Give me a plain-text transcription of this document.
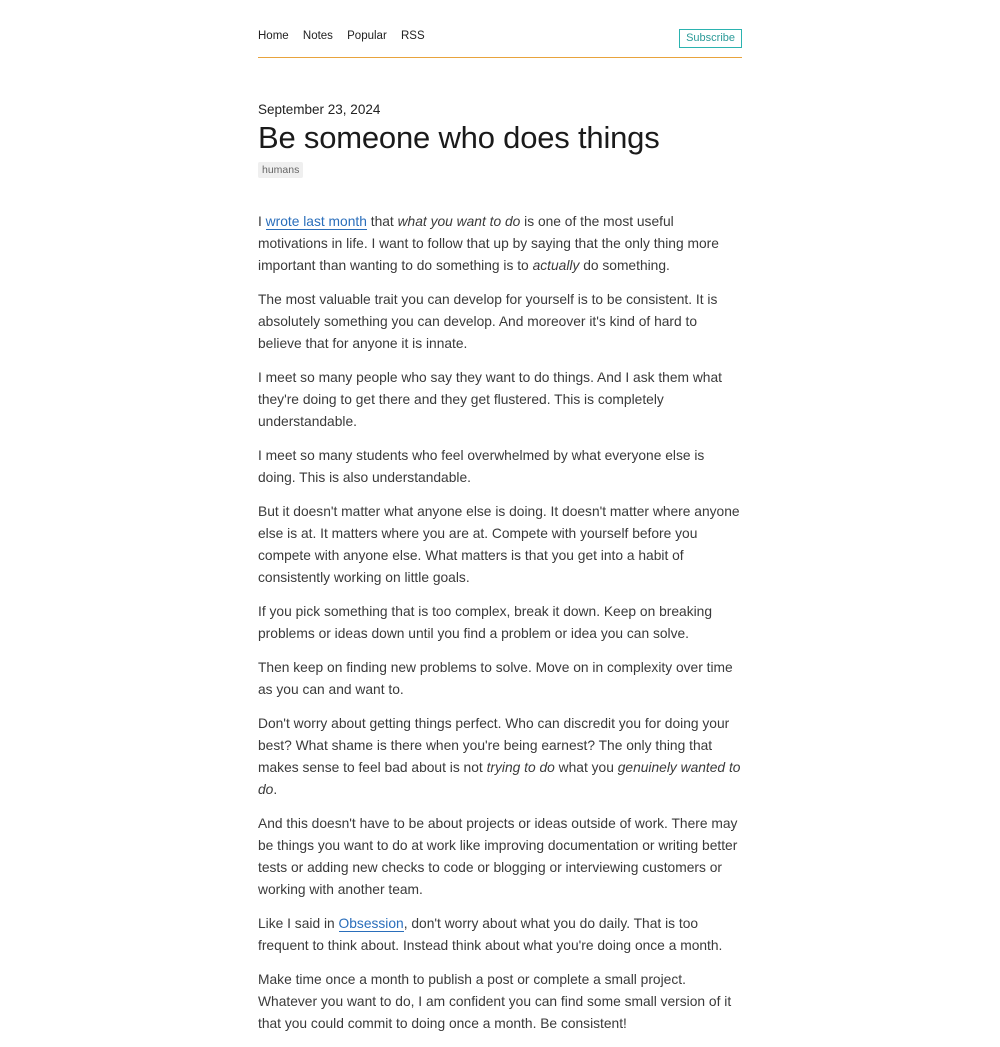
Home Notes Popular RSS	Subscribe
September 23, 2024
Be someone who does things
humans

I wrote last month that what you want to do is one of the most useful motivations in life. I want to follow that up by saying that the only thing more important than wanting to do something is to actually do something.

The most valuable trait you can develop for yourself is to be consistent. It is absolutely something you can develop. And moreover it's kind of hard to believe that for anyone it is innate.

I meet so many people who say they want to do things. And I ask them what they're doing to get there and they get flustered. This is completely understandable.

I meet so many students who feel overwhelmed by what everyone else is doing. This is also understandable.

But it doesn't matter what anyone else is doing. It doesn't matter where anyone else is at. It matters where you are at. Compete with yourself before you compete with anyone else. What matters is that you get into a habit of consistently working on little goals.

If you pick something that is too complex, break it down. Keep on breaking problems or ideas down until you find a problem or idea you can solve.

Then keep on finding new problems to solve. Move on in complexity over time as you can and want to.

Don't worry about getting things perfect. Who can discredit you for doing your best? What shame is there when you're being earnest? The only thing that makes sense to feel bad about is not trying to do what you genuinely wanted to do.

And this doesn't have to be about projects or ideas outside of work. There may be things you want to do at work like improving documentation or writing better tests or adding new checks to code or blogging or interviewing customers or working with another team.

Like I said in Obsession, don't worry about what you do daily. That is too frequent to think about. Instead think about what you're doing once a month.

Make time once a month to publish a post or complete a small project. Whatever you want to do, I am confident you can find some small version of it that you could commit to doing once a month. Be consistent!
